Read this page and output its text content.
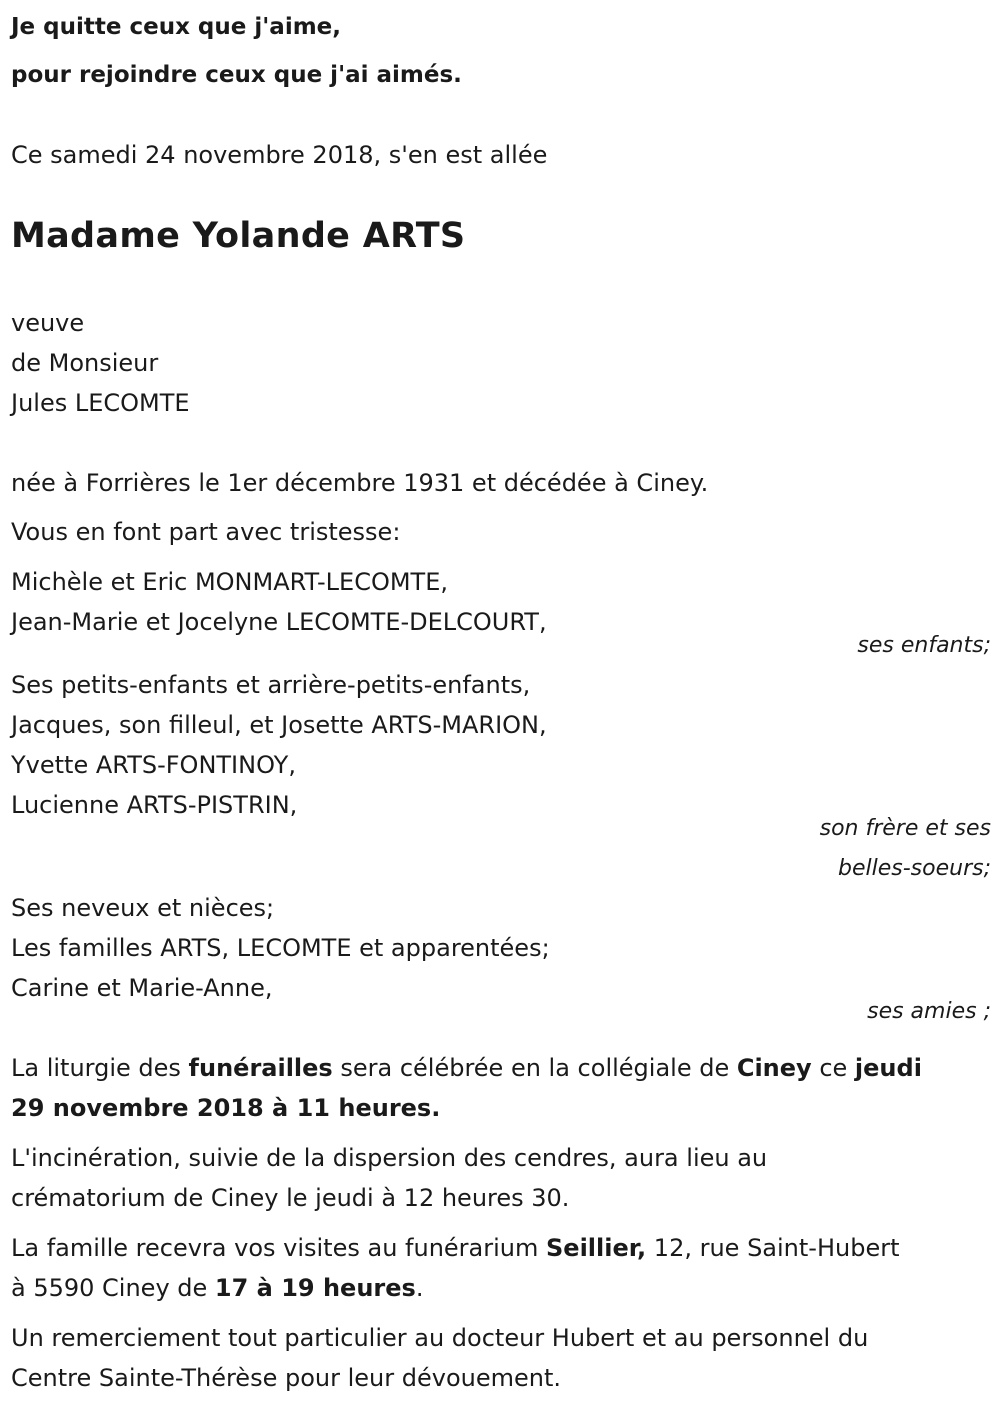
Je quitte ceux que j'aime,
pour rejoindre ceux que j'ai aimés.
Ce samedi 24 novembre 2018, s'en est allée
Madame Yolande ARTS
veuve
de Monsieur
Jules LECOMTE
née à Forrières le 1er décembre 1931 et décédée à Ciney.
Vous en font part avec tristesse:
Michèle et Eric MONMART-LECOMTE,
Jean-Marie et Jocelyne LECOMTE-DELCOURT,
ses enfants;
Ses petits-enfants et arrière-petits-enfants,
Jacques, son filleul, et Josette ARTS-MARION,
Yvette ARTS-FONTINOY,
Lucienne ARTS-PISTRIN,
son frère et ses
belles-soeurs;
Ses neveux et nièces;
Les familles ARTS, LECOMTE et apparentées;
Carine et Marie-Anne,
ses amies ;
La liturgie des funérailles sera célébrée en la collégiale de Ciney ce jeudi
29 novembre 2018 à 11 heures.
L'incinération, suivie de la dispersion des cendres, aura lieu au
crématorium de Ciney le jeudi à 12 heures 30.
La famille recevra vos visites au funérarium Seillier, 12, rue Saint-Hubert
à 5590 Ciney de 17 à 19 heures.
Un remerciement tout particulier au docteur Hubert et au personnel du
Centre Sainte-Thérèse pour leur dévouement.
